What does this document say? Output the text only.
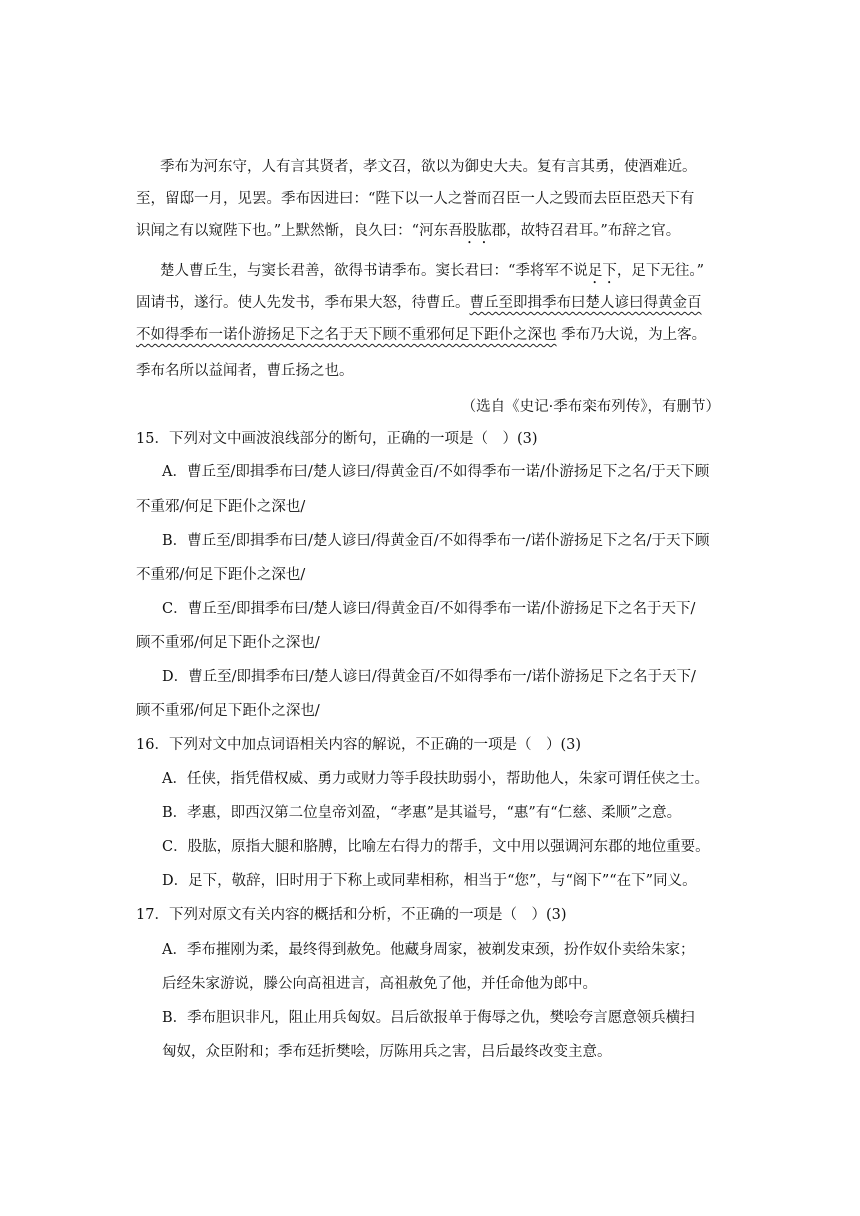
季布为河东守，人有言其贤者，孝文召，欲以为御史大夫。复有言其勇，使酒难近。
至，留邸一月，见罢。季布因进曰：“陛下以一人之誉而召臣一人之毁而去臣臣恐天下有
识闻之有以窥陛下也。”上默然惭，良久曰：“河东吾股肱郡，故特召君耳。”布辞之官。
楚人曹丘生，与窦长君善，欲得书请季布。窦长君曰：“季将军不说足下，足下无往。”
固请书，遂行。使人先发书，季布果大怒，待曹丘。曹丘至即揖季布曰楚人谚曰得黄金百
不如得季布一诺仆游扬足下之名于天下顾不重邪何足下距仆之深也 季布乃大说，为上客。
季布名所以益闻者，曹丘扬之也。
（选自《史记·季布栾布列传》，有删节）
15．下列对文中画波浪线部分的断句，正确的一项是（　）(3)
A．曹丘至/即揖季布曰/楚人谚曰/得黄金百/不如得季布一诺/仆游扬足下之名/于天下顾
不重邪/何足下距仆之深也/
B．曹丘至/即揖季布曰/楚人谚曰/得黄金百/不如得季布一/诺仆游扬足下之名/于天下顾
不重邪/何足下距仆之深也/
C．曹丘至/即揖季布曰/楚人谚曰/得黄金百/不如得季布一诺/仆游扬足下之名于天下/
顾不重邪/何足下距仆之深也/
D．曹丘至/即揖季布曰/楚人谚曰/得黄金百/不如得季布一/诺仆游扬足下之名于天下/
顾不重邪/何足下距仆之深也/
16．下列对文中加点词语相关内容的解说，不正确的一项是（　）(3)
A．任侠，指凭借权威、勇力或财力等手段扶助弱小，帮助他人，朱家可谓任侠之士。
B．孝惠，即西汉第二位皇帝刘盈，“孝惠”是其谥号，“惠”有“仁慈、柔顺”之意。
C．股肱，原指大腿和胳膊，比喻左右得力的帮手，文中用以强调河东郡的地位重要。
D．足下，敬辞，旧时用于下称上或同辈相称，相当于“您”，与“阁下”“在下”同义。
17．下列对原文有关内容的概括和分析，不正确的一项是（　）(3)
A．季布摧刚为柔，最终得到赦免。他藏身周家，被剃发束颈，扮作奴仆卖给朱家；
后经朱家游说，滕公向高祖进言，高祖赦免了他，并任命他为郎中。
B．季布胆识非凡，阻止用兵匈奴。吕后欲报单于侮辱之仇，樊哙夸言愿意领兵横扫
匈奴，众臣附和；季布廷折樊哙，厉陈用兵之害，吕后最终改变主意。
